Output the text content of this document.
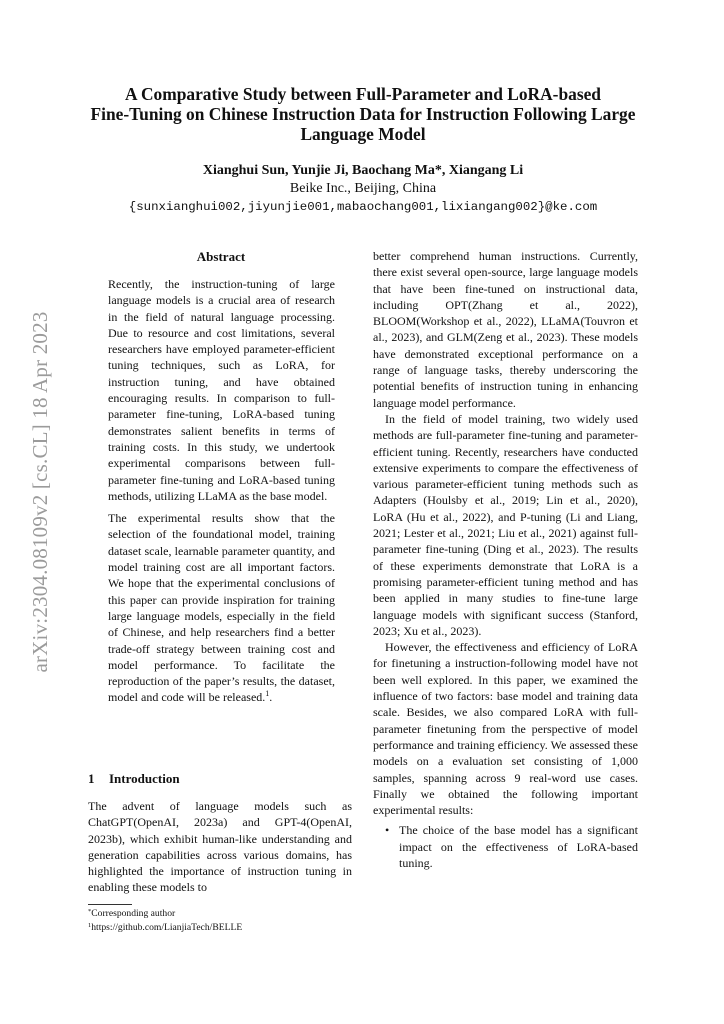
arXiv:2304.08109v2 [cs.CL] 18 Apr 2023
A Comparative Study between Full-Parameter and LoRA-based
Fine-Tuning on Chinese Instruction Data for Instruction Following Large
Language Model
Xianghui Sun, Yunjie Ji, Baochang Ma*, Xiangang Li
Beike Inc., Beijing, China
{sunxianghui002,jiyunjie001,mabaochang001,lixiangang002}@ke.com
Abstract

Recently, the instruction-tuning of large language models is a crucial area of research in the field of natural language processing. Due to resource and cost limitations, several researchers have employed parameter-efficient tuning techniques, such as LoRA, for instruction tuning, and have obtained encouraging results. In comparison to full-parameter fine-tuning, LoRA-based tuning demonstrates salient benefits in terms of training costs. In this study, we undertook experimental comparisons between full-parameter fine-tuning and LoRA-based tuning methods, utilizing LLaMA as the base model.

The experimental results show that the selection of the foundational model, training dataset scale, learnable parameter quantity, and model training cost are all important factors. We hope that the experimental conclusions of this paper can provide inspiration for training large language models, especially in the field of Chinese, and help researchers find a better trade-off strategy between training cost and model performance. To facilitate the reproduction of the paper’s results, the dataset, model and code will be released.$^1$.

1 Introduction

The advent of language models such as ChatGPT(OpenAI, 2023a) and GPT-4(OpenAI, 2023b), which exhibit human-like understanding and generation capabilities across various domains, has highlighted the importance of instruction tuning in enabling these models to

*Corresponding author
$^1$https://github.com/LianjiaTech/BELLE

better comprehend human instructions. Currently, there exist several open-source, large language models that have been fine-tuned on instructional data, including OPT(Zhang et al., 2022), BLOOM(Workshop et al., 2022), LLaMA(Touvron et al., 2023), and GLM(Zeng et al., 2023). These models have demonstrated exceptional performance on a range of language tasks, thereby underscoring the potential benefits of instruction tuning in enhancing language model performance.

In the field of model training, two widely used methods are full-parameter fine-tuning and parameter-efficient tuning. Recently, researchers have conducted extensive experiments to compare the effectiveness of various parameter-efficient tuning methods such as Adapters (Houlsby et al., 2019; Lin et al., 2020), LoRA (Hu et al., 2022), and P-tuning (Li and Liang, 2021; Lester et al., 2021; Liu et al., 2021) against full-parameter fine-tuning (Ding et al., 2023). The results of these experiments demonstrate that LoRA is a promising parameter-efficient tuning method and has been applied in many studies to fine-tune large language models with significant success (Stanford, 2023; Xu et al., 2023).

However, the effectiveness and efficiency of LoRA for finetuning a instruction-following model have not been well explored. In this paper, we examined the influence of two factors: base model and training data scale. Besides, we also compared LoRA with full-parameter finetuning from the perspective of model performance and training efficiency. We assessed these models on a evaluation set consisting of 1,000 samples, spanning across 9 real-word use cases. Finally we obtained the following important experimental results:

• The choice of the base model has a significant impact on the effectiveness of LoRA-based tuning.
